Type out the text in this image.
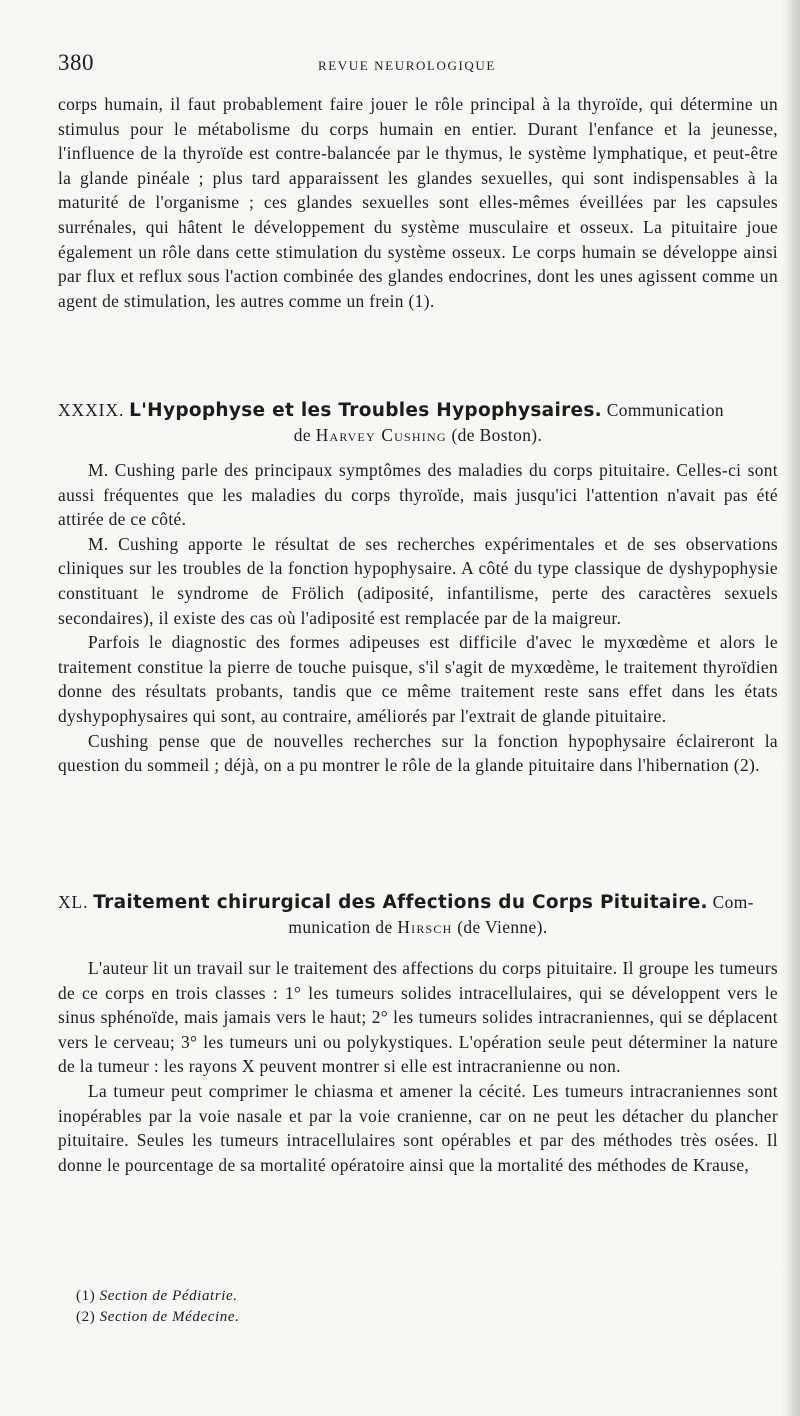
380	REVUE NEUROLOGIQUE

corps humain, il faut probablement faire jouer le rôle principal à la thyroïde, qui détermine un stimulus pour le métabolisme du corps humain en entier. Durant l'enfance et la jeunesse, l'influence de la thyroïde est contre-balancée par le thymus, le système lymphatique, et peut-être la glande pinéale ; plus tard apparaissent les glandes sexuelles, qui sont indispensables à la maturité de l'organisme ; ces glandes sexuelles sont elles-mêmes éveillées par les capsules surrénales, qui hâtent le développement du système musculaire et osseux. La pituitaire joue également un rôle dans cette stimulation du système osseux. Le corps humain se développe ainsi par flux et reflux sous l'action combinée des glandes endocrines, dont les unes agissent comme un agent de stimulation, les autres comme un frein (1).

XXXIX. L'Hypophyse et les Troubles Hypophysaires. Communication
de Harvey Cushing (de Boston).

M. Cushing parle des principaux symptômes des maladies du corps pituitaire. Celles-ci sont aussi fréquentes que les maladies du corps thyroïde, mais jusqu'ici l'attention n'avait pas été attirée de ce côté.

M. Cushing apporte le résultat de ses recherches expérimentales et de ses observations cliniques sur les troubles de la fonction hypophysaire. A côté du type classique de dyshypophysie constituant le syndrome de Frölich (adiposité, infantilisme, perte des caractères sexuels secondaires), il existe des cas où l'adiposité est remplacée par de la maigreur.

Parfois le diagnostic des formes adipeuses est difficile d'avec le myxœdème et alors le traitement constitue la pierre de touche puisque, s'il s'agit de myxœdème, le traitement thyroïdien donne des résultats probants, tandis que ce même traitement reste sans effet dans les états dyshypophysaires qui sont, au contraire, améliorés par l'extrait de glande pituitaire.

Cushing pense que de nouvelles recherches sur la fonction hypophysaire éclaireront la question du sommeil ; déjà, on a pu montrer le rôle de la glande pituitaire dans l'hibernation (2).

XL. Traitement chirurgical des Affections du Corps Pituitaire. Com-
munication de Hirsch (de Vienne).

L'auteur lit un travail sur le traitement des affections du corps pituitaire. Il groupe les tumeurs de ce corps en trois classes : 1° les tumeurs solides intracellulaires, qui se développent vers le sinus sphénoïde, mais jamais vers le haut; 2° les tumeurs solides intracraniennes, qui se déplacent vers le cerveau; 3° les tumeurs uni ou polykystiques. L'opération seule peut déterminer la nature de la tumeur : les rayons X peuvent montrer si elle est intracranienne ou non.

La tumeur peut comprimer le chiasma et amener la cécité. Les tumeurs intracraniennes sont inopérables par la voie nasale et par la voie cranienne, car on ne peut les détacher du plancher pituitaire. Seules les tumeurs intracellulaires sont opérables et par des méthodes très osées. Il donne le pourcentage de sa mortalité opératoire ainsi que la mortalité des méthodes de Krause,

(1) Section de Pédiatrie.
(2) Section de Médecine.
